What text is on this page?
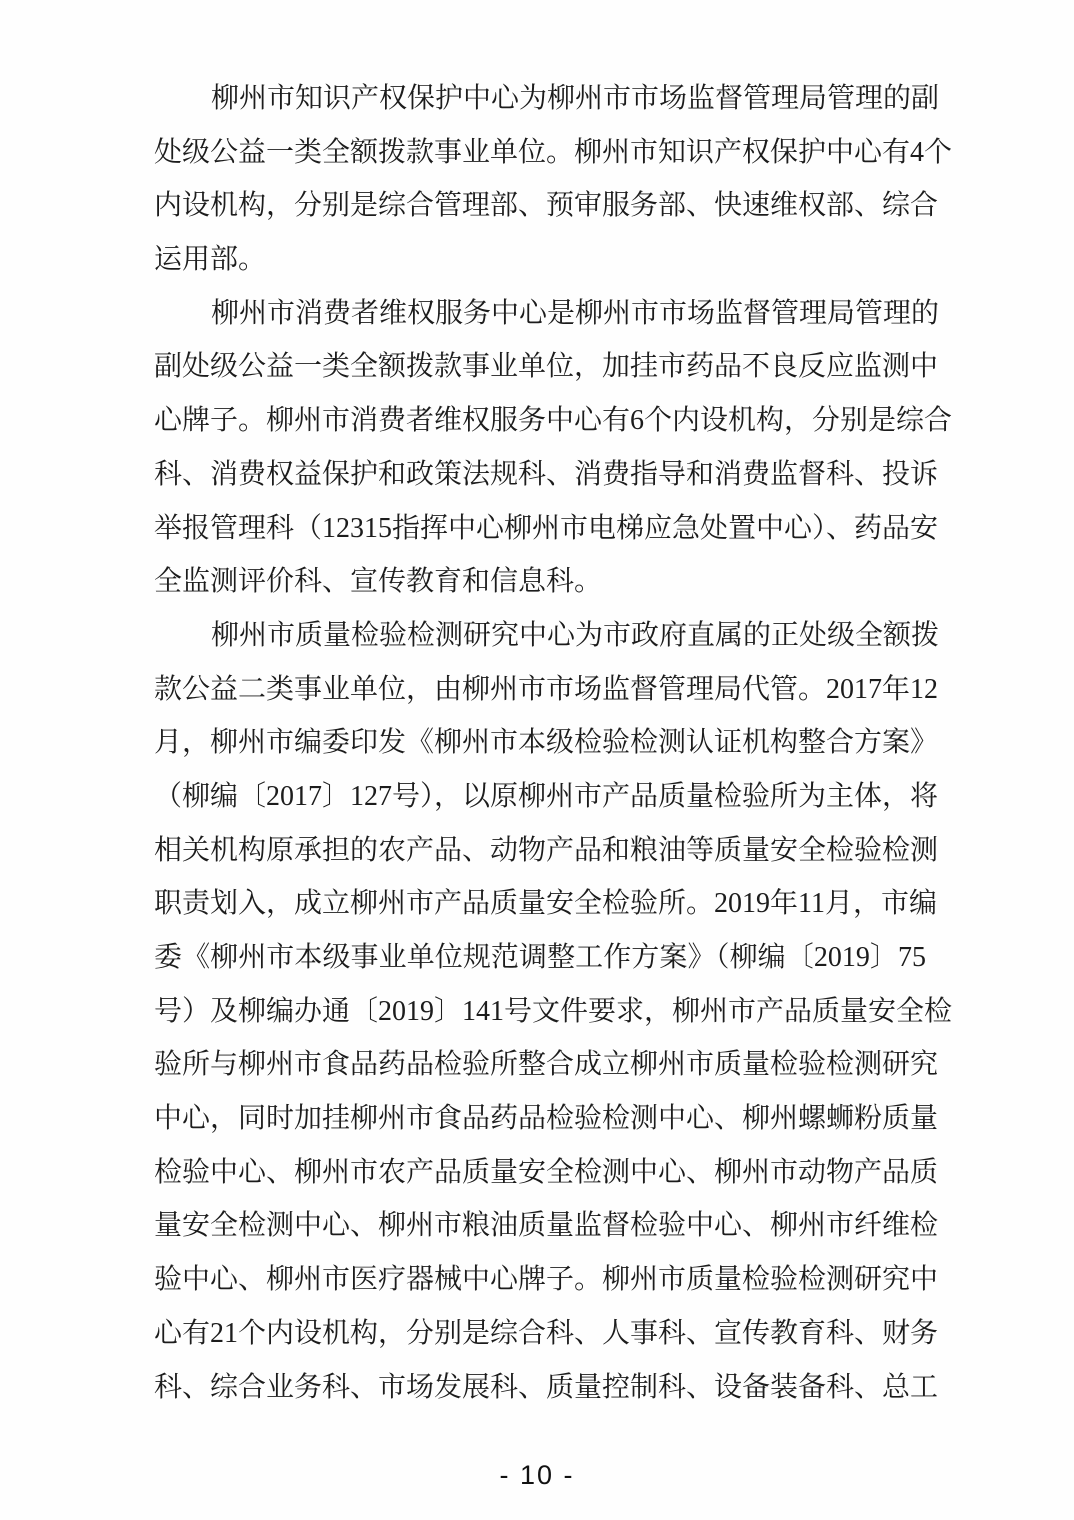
柳州市知识产权保护中心为柳州市市场监督管理局管理的副
处级公益一类全额拨款事业单位。柳州市知识产权保护中心有4个
内设机构，分别是综合管理部、预审服务部、快速维权部、综合
运用部。
柳州市消费者维权服务中心是柳州市市场监督管理局管理的
副处级公益一类全额拨款事业单位，加挂市药品不良反应监测中
心牌子。柳州市消费者维权服务中心有6个内设机构，分别是综合
科、消费权益保护和政策法规科、消费指导和消费监督科、投诉
举报管理科（12315指挥中心柳州市电梯应急处置中心）、药品安
全监测评价科、宣传教育和信息科。
柳州市质量检验检测研究中心为市政府直属的正处级全额拨
款公益二类事业单位，由柳州市市场监督管理局代管。2017年12
月，柳州市编委印发《柳州市本级检验检测认证机构整合方案》
（柳编〔2017〕127号），以原柳州市产品质量检验所为主体，将
相关机构原承担的农产品、动物产品和粮油等质量安全检验检测
职责划入，成立柳州市产品质量安全检验所。2019年11月，市编
委《柳州市本级事业单位规范调整工作方案》（柳编〔2019〕75
号）及柳编办通〔2019〕141号文件要求，柳州市产品质量安全检
验所与柳州市食品药品检验所整合成立柳州市质量检验检测研究
中心，同时加挂柳州市食品药品检验检测中心、柳州螺蛳粉质量
检验中心、柳州市农产品质量安全检测中心、柳州市动物产品质
量安全检测中心、柳州市粮油质量监督检验中心、柳州市纤维检
验中心、柳州市医疗器械中心牌子。柳州市质量检验检测研究中
心有21个内设机构，分别是综合科、人事科、宣传教育科、财务
科、综合业务科、市场发展科、质量控制科、设备装备科、总工
- 10 -
